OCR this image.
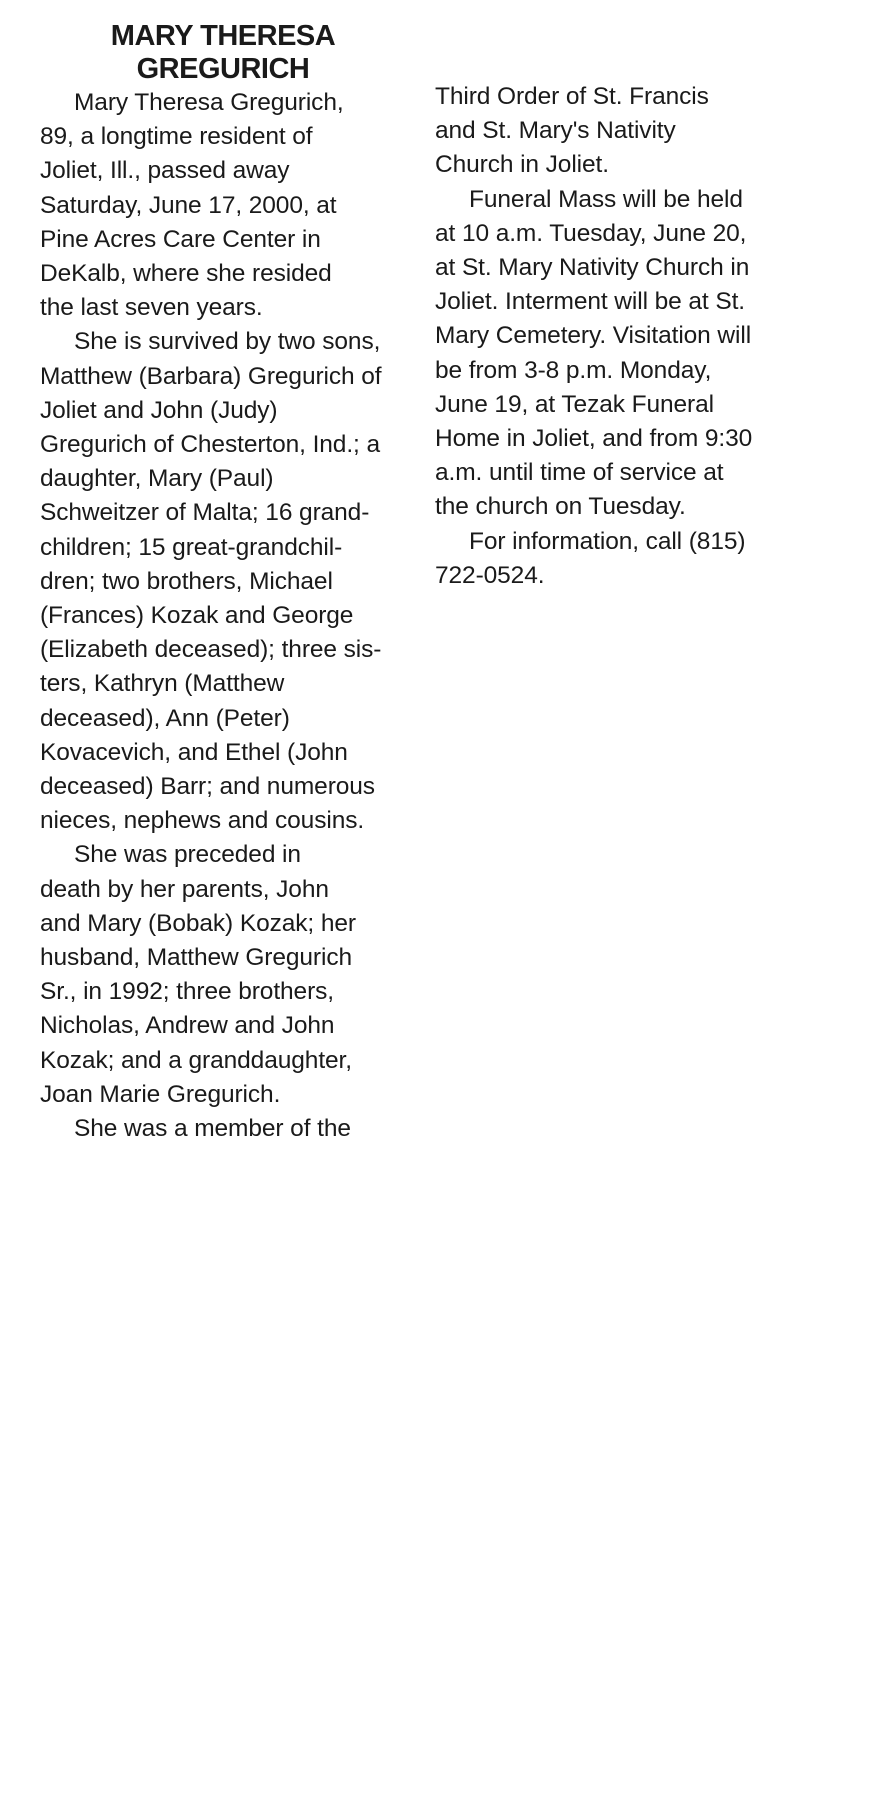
MARY THERESA
GREGURICH
Mary Theresa Gregurich,
89, a longtime resident of
Joliet, Ill., passed away
Saturday, June 17, 2000, at
Pine Acres Care Center in
DeKalb, where she resided
the last seven years.
She is survived by two sons,
Matthew (Barbara) Gregurich of
Joliet and John (Judy)
Gregurich of Chesterton, Ind.; a
daughter, Mary (Paul)
Schweitzer of Malta; 16 grand-
children; 15 great-grandchil-
dren; two brothers, Michael
(Frances) Kozak and George
(Elizabeth deceased); three sis-
ters, Kathryn (Matthew
deceased), Ann (Peter)
Kovacevich, and Ethel (John
deceased) Barr; and numerous
nieces, nephews and cousins.
She was preceded in
death by her parents, John
and Mary (Bobak) Kozak; her
husband, Matthew Gregurich
Sr., in 1992; three brothers,
Nicholas, Andrew and John
Kozak; and a granddaughter,
Joan Marie Gregurich.
She was a member of the
Third Order of St. Francis
and St. Mary's Nativity
Church in Joliet.
Funeral Mass will be held
at 10 a.m. Tuesday, June 20,
at St. Mary Nativity Church in
Joliet. Interment will be at St.
Mary Cemetery. Visitation will
be from 3-8 p.m. Monday,
June 19, at Tezak Funeral
Home in Joliet, and from 9:30
a.m. until time of service at
the church on Tuesday.
For information, call (815)
722-0524.
